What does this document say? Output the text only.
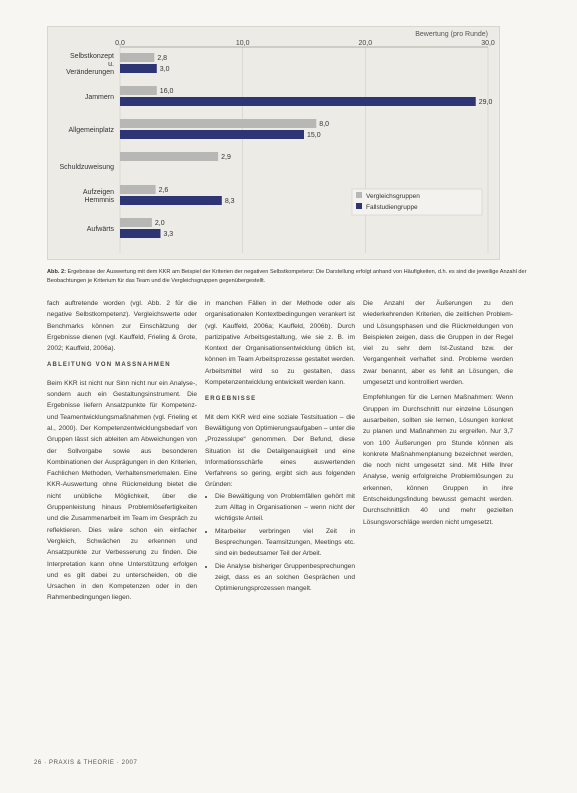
Bewertung (pro Runde)
0,0	10,0	20,0	30,0
Selbstkonzept
u.
Veränderungen
2,8
3,0
Jammern
16,0
29,0
Allgemeinplatz
8,0
15,0
Schuldzuweisung
2,9
Aufzeigen
Hemmnis
2,6
8,3
Aufwärts
2,0
3,3
Vergleichsgruppen
Fallstudiengruppe
Abb. 2: Ergebnisse der Auswertung mit dem KKR am Beispiel der Kriterien der negativen Selbstkompetenz: Die Darstellung erfolgt anhand von Häufigkeiten, d.h. es sind die jeweilige Anzahl der Beobachtungen je Kriterium für das Team und die Vergleichsgruppen gegenübergestellt.

fach auftretende worden (vgl. Abb. 2 für die negative Selbstkompetenz). Vergleichswerte oder Benchmarks können zur Einschätzung der Ergebnisse dienen (vgl. Kauffeld, Frieling & Grote, 2002; Kauffeld, 2006a).

ABLEITUNG VON MASSNAHMEN

Beim KKR ist nicht nur Sinn nicht nur ein Analyse-, sondern auch ein Gestaltungsinstrument. Die Ergebnisse liefern Ansatzpunkte für Kompetenz- und Teamentwicklungsmaßnahmen (vgl. Frieling et al., 2000). Der Kompetenzentwicklungsbedarf von Gruppen lässt sich ableiten am Abweichungen von der Sollvorgabe sowie aus besonderen Kombinationen der Ausprägungen in den Kriterien, Fachlichen Methoden, Verhaltensmerkmalen. Eine KKR-Auswertung ohne Rückmeldung bietet die nicht unübliche Möglichkeit, über die Gruppenleistung hinaus Problemlösefertigkeiten und die Zusammenarbeit im Team im Gespräch zu reflektieren. Dies wäre schon ein einfacher Vergleich, Schwächen zu erkennen und Ansatzpunkte zur Verbesserung zu finden. Die Interpretation kann ohne Unterstützung erfolgen und es gilt dabei zu unterscheiden, ob die Ursachen in den Kompetenzen oder in den Rahmenbedingungen liegen.

in manchen Fällen in der Methode oder als organisationalen Kontextbedingungen verankert ist (vgl. Kauffeld, 2006a; Kauffeld, 2006b). Durch partizipative Arbeitsgestaltung, wie sie z. B. im Kontext der Organisationsentwicklung üblich ist, können im Team Arbeitsprozesse gestaltet werden. Arbeitsmittel wird so zu gestalten, dass Kompetenzentwicklung entwickelt werden kann.

ERGEBNISSE

Mit dem KKR wird eine soziale Testsituation – die Bewältigung von Optimierungsaufgaben – unter die „Prozesslupe“ genommen. Der Befund, diese Situation ist die Detailgenauigkeit und eine Informationsschärfe eines auswertenden Verfahrens so gering, ergibt sich aus folgenden Gründen:

• Die Bewältigung von Problemfällen gehört mit zum Alltag in Organisationen – wenn nicht der wichtigste Anteil.
• Mitarbeiter verbringen viel Zeit in Besprechungen. Teamsitzungen, Meetings etc. sind ein bedeutsamer Teil der Arbeit.
• Die Analyse bisheriger Gruppenbesprechungen zeigt, dass es an solchen Gesprächen und Optimierungsprozessen mangelt.

Die Anzahl der Äußerungen zu den wiederkehrenden Kriterien, die zeitlichen Problem- und Lösungsphasen und die Rückmeldungen von Beispielen zeigen, dass die Gruppen in der Regel viel zu sehr dem Ist-Zustand bzw. der Vergangenheit verhaftet sind. Probleme werden zwar benannt, aber es fehlt an Lösungen, die umgesetzt und kontrolliert werden.

Empfehlungen für die Lernen Maßnahmen: Wenn Gruppen im Durchschnitt nur einzelne Lösungen ausarbeiten, sollten sie lernen, Lösungen konkret zu planen und Maßnahmen zu ergreifen. Nur 3,7 von 100 Äußerungen pro Stunde können als konkrete Maßnahmenplanung bezeichnet werden, die noch nicht umgesetzt sind. Mit Hilfe Ihrer Analyse, wenig erfolgreiche Problemlösungen zu erkennen, können Gruppen in ihre Entscheidungsfindung bewusst gemacht werden. Durchschnittlich 40 und mehr gezielten Lösungsvorschläge werden nicht umgesetzt.

26 · PRAXIS & THEORIE · 2007
